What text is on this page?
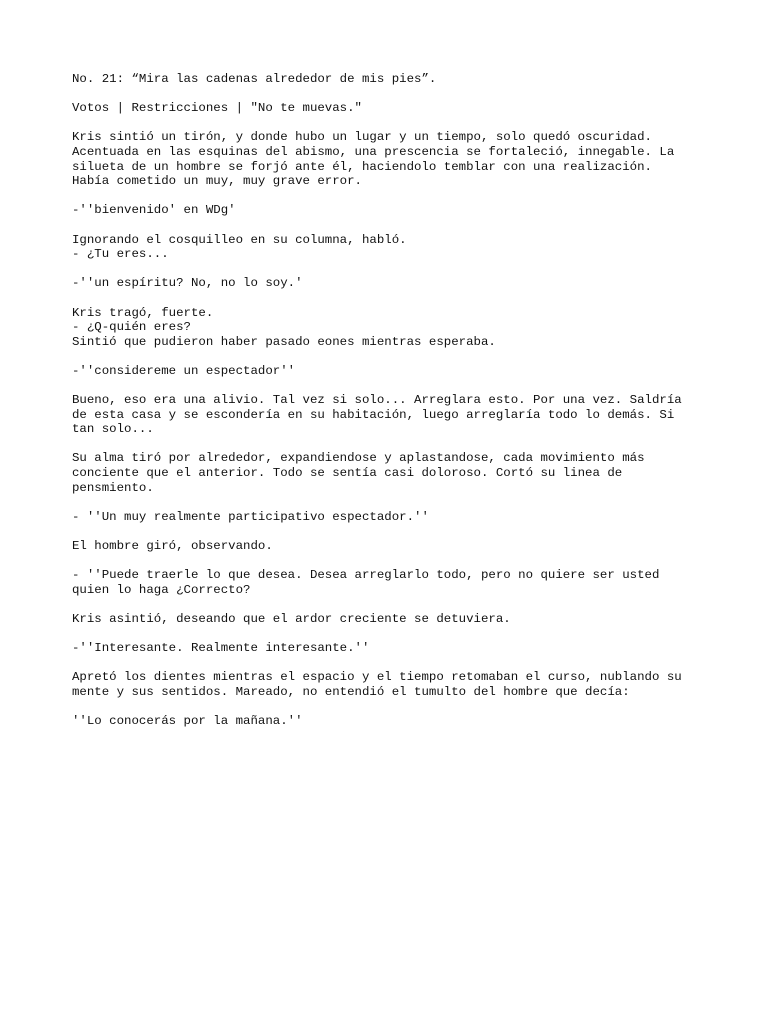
No. 21: “Mira las cadenas alrededor de mis pies”.

Votos | Restricciones | "No te muevas."

Kris sintió un tirón, y donde hubo un lugar y un tiempo, solo quedó oscuridad.
Acentuada en las esquinas del abismo, una prescencia se fortaleció, innegable. La
silueta de un hombre se forjó ante él, haciendolo temblar con una realización.
Había cometido un muy, muy grave error.

-''bienvenido' en WDg'

Ignorando el cosquilleo en su columna, habló.
- ¿Tu eres...

-''un espíritu? No, no lo soy.'

Kris tragó, fuerte.
- ¿Q-quién eres?
Sintió que pudieron haber pasado eones mientras esperaba.

-''considereme un espectador''

Bueno, eso era una alivio. Tal vez si solo... Arreglara esto. Por una vez. Saldría
de esta casa y se escondería en su habitación, luego arreglaría todo lo demás. Si
tan solo...

Su alma tiró por alrededor, expandiendose y aplastandose, cada movimiento más
conciente que el anterior. Todo se sentía casi doloroso. Cortó su linea de
pensmiento.

- ''Un muy realmente participativo espectador.''

El hombre giró, observando.

- ''Puede traerle lo que desea. Desea arreglarlo todo, pero no quiere ser usted
quien lo haga ¿Correcto?

Kris asintió, deseando que el ardor creciente se detuviera.

-''Interesante. Realmente interesante.''

Apretó los dientes mientras el espacio y el tiempo retomaban el curso, nublando su
mente y sus sentidos. Mareado, no entendió el tumulto del hombre que decía:

''Lo conocerás por la mañana.''
